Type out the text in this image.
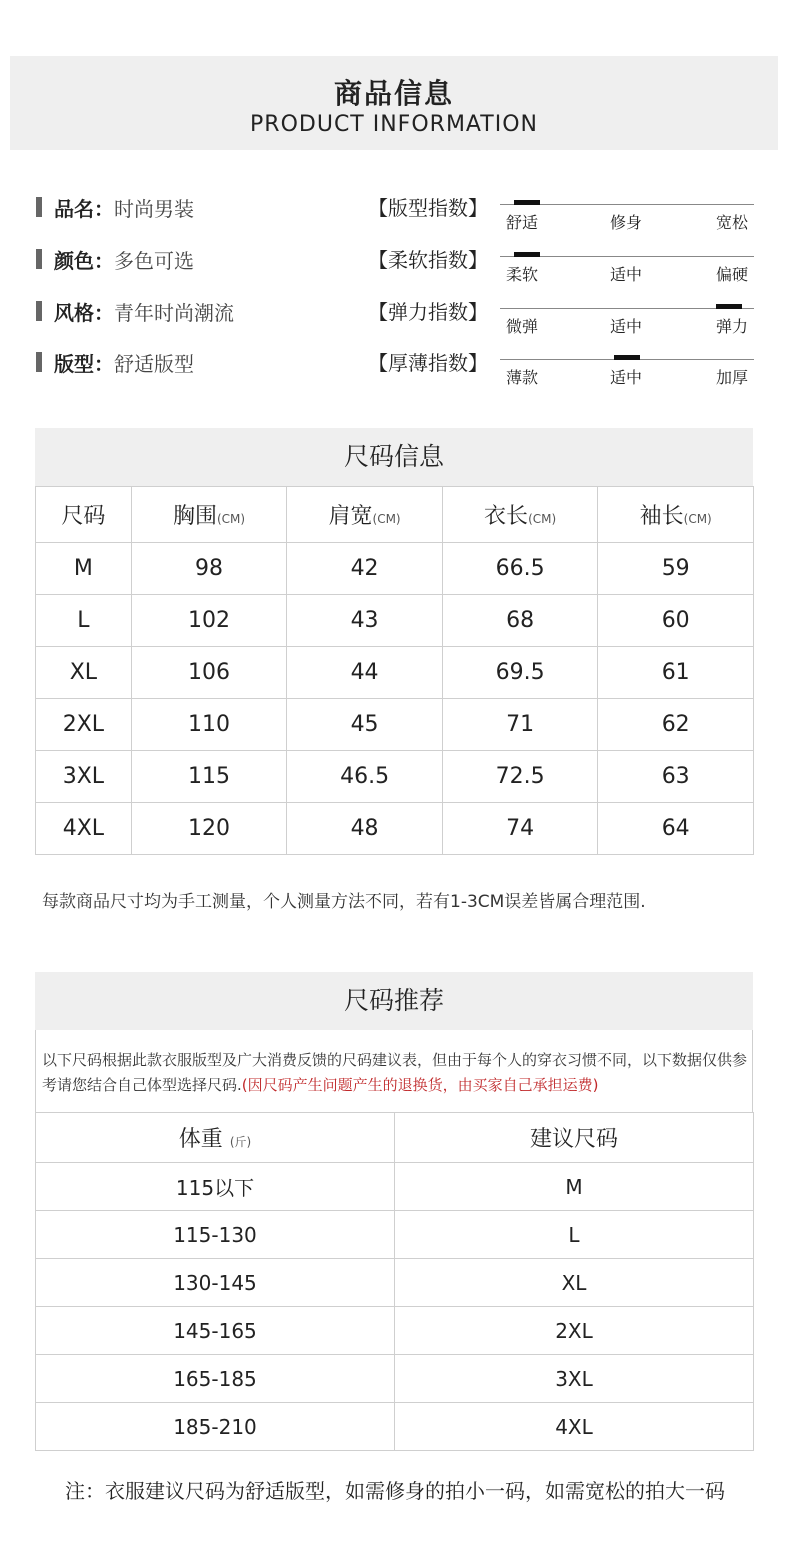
商品信息
PRODUCT INFORMATION
品名：时尚男装	【版型指数】
舒适	修身	宽松
颜色：多色可选	【柔软指数】
柔软	适中	偏硬
风格：青年时尚潮流	【弹力指数】
微弹	适中	弹力
版型：舒适版型	【厚薄指数】
薄款	适中	加厚
尺码信息
尺码	胸围(CM)	肩宽(CM)	衣长(CM)	袖长(CM)
M	98	42	66.5	59
L	102	43	68	60
XL	106	44	69.5	61
2XL	110	45	71	62
3XL	115	46.5	72.5	63
4XL	120	48	74	64
每款商品尺寸均为手工测量，个人测量方法不同，若有1-3CM误差皆属合理范围.
尺码推荐
以下尺码根据此款衣服版型及广大消费反馈的尺码建议表，但由于每个人的穿衣习惯不同，以下数据仅供参考请您结合自己体型选择尺码.(因尺码产生问题产生的退换货，由买家自己承担运费)
体重 (斤)	建议尺码
115以下	M
115-130	L
130-145	XL
145-165	2XL
165-185	3XL
185-210	4XL
注：衣服建议尺码为舒适版型，如需修身的拍小一码，如需宽松的拍大一码
